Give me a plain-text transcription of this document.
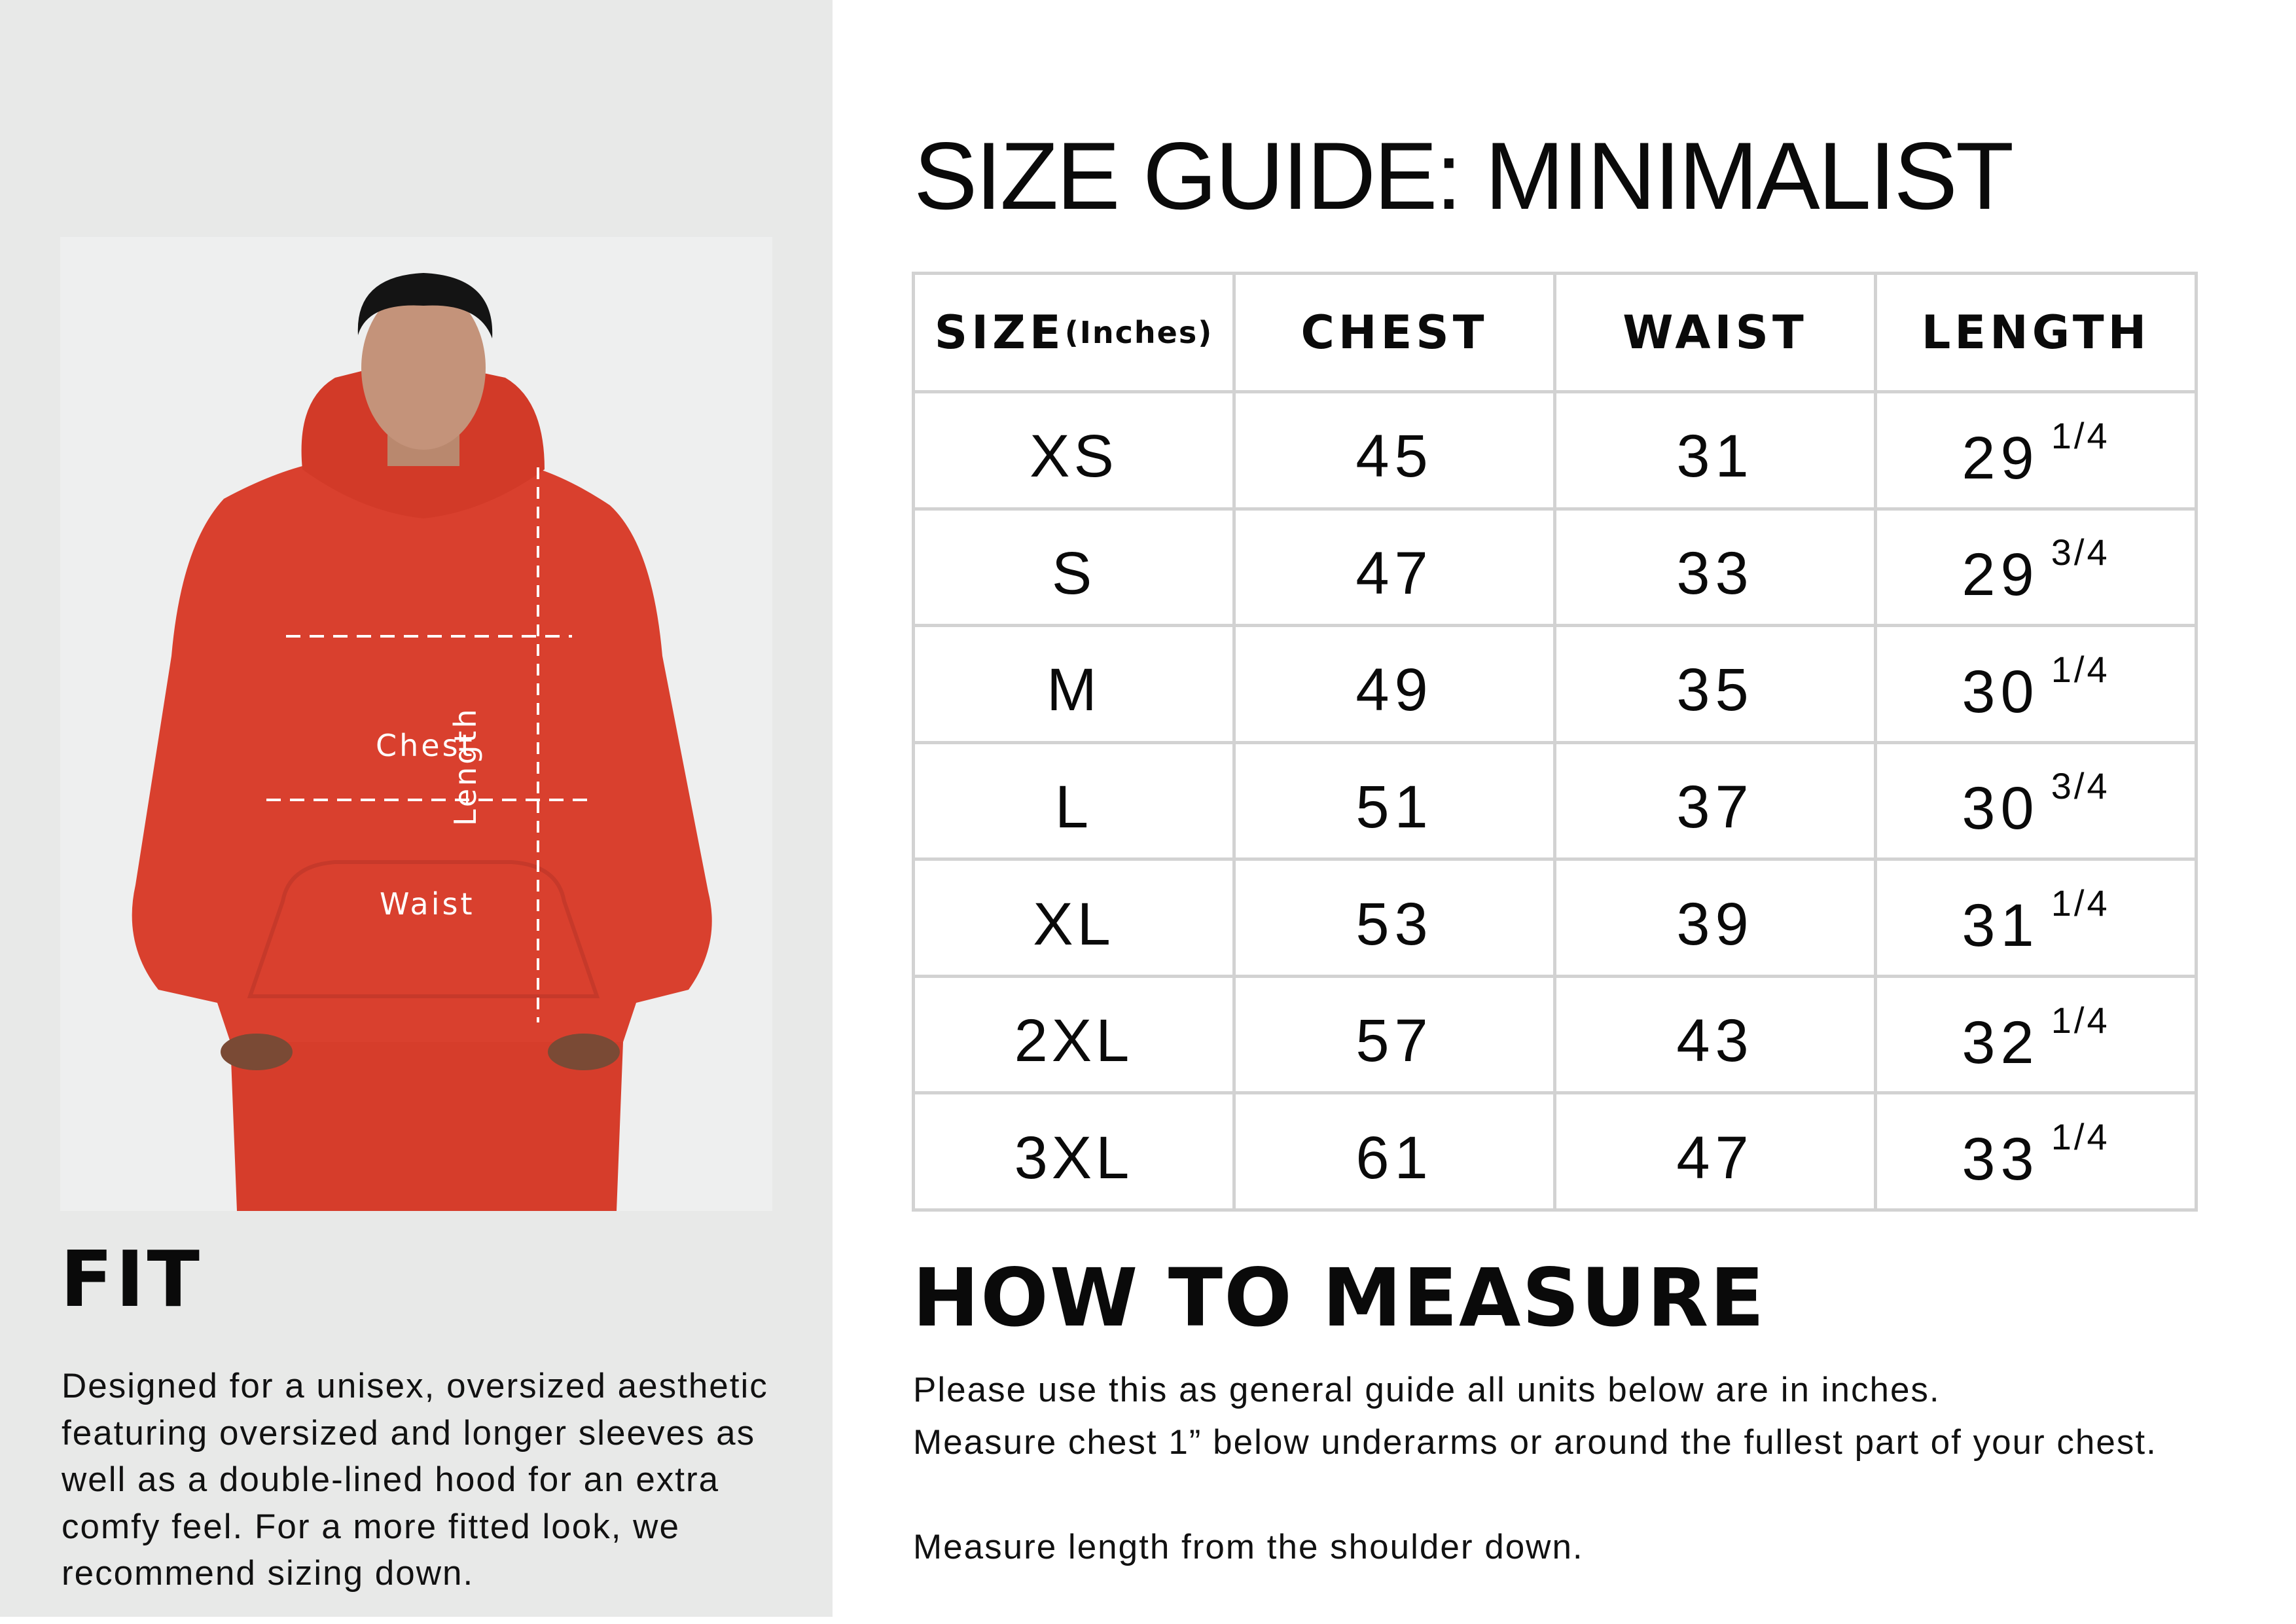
Chest
Waist
Length
FIT
Designed for a unisex, oversized aesthetic featuring oversized and longer sleeves as well as a double-lined hood for an extra comfy feel. For a more fitted look, we recommend sizing down.
SIZE GUIDE: MINIMALIST
SIZE(Inches)	CHEST	WAIST	LENGTH
XS	45	31	29 $^{1/4}$
S	47	33	29 $^{3/4}$
M	49	35	30 $^{1/4}$
L	51	37	30 $^{3/4}$
XL	53	39	31 $^{1/4}$
2XL	57	43	32 $^{1/4}$
3XL	61	47	33 $^{1/4}$
HOW TO MEASURE
Please use this as general guide all units below are in inches.
Measure chest 1” below underarms or around the fullest part of your chest.
Measure length from the shoulder down.
